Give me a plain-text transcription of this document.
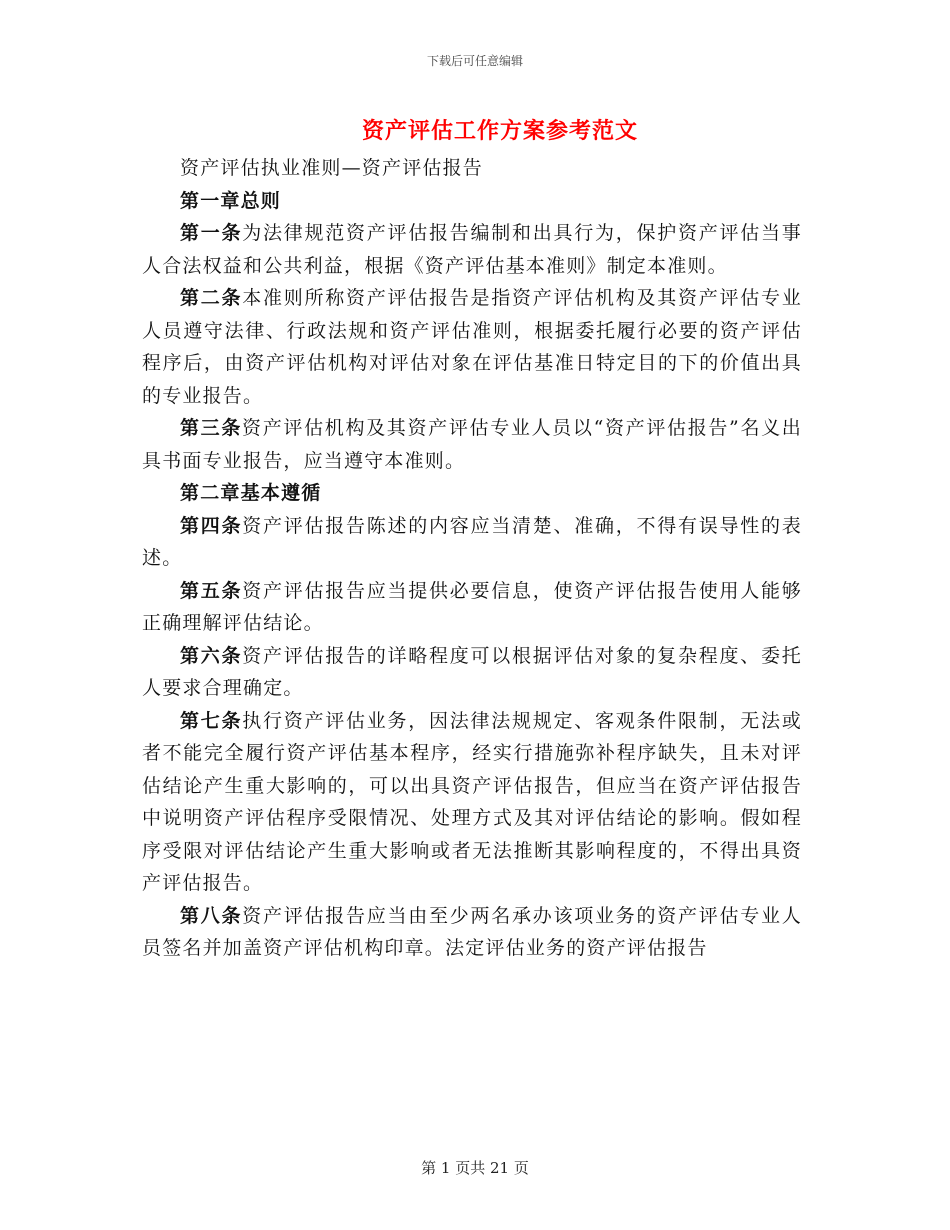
下载后可任意编辑
资产评估工作方案参考范文

资产评估执业准则—资产评估报告

第一章总则

第一条为法律规范资产评估报告编制和出具行为，保护资产评估当事人合法权益和公共利益，根据《资产评估基本准则》制定本准则。

第二条本准则所称资产评估报告是指资产评估机构及其资产评估专业人员遵守法律、行政法规和资产评估准则，根据委托履行必要的资产评估程序后，由资产评估机构对评估对象在评估基准日特定目的下的价值出具的专业报告。

第三条资产评估机构及其资产评估专业人员以“资产评估报告”名义出具书面专业报告，应当遵守本准则。

第二章基本遵循

第四条资产评估报告陈述的内容应当清楚、准确，不得有误导性的表述。

第五条资产评估报告应当提供必要信息，使资产评估报告使用人能够正确理解评估结论。

第六条资产评估报告的详略程度可以根据评估对象的复杂程度、委托人要求合理确定。

第七条执行资产评估业务，因法律法规规定、客观条件限制，无法或者不能完全履行资产评估基本程序，经实行措施弥补程序缺失，且未对评估结论产生重大影响的，可以出具资产评估报告，但应当在资产评估报告中说明资产评估程序受限情况、处理方式及其对评估结论的影响。假如程序受限对评估结论产生重大影响或者无法推断其影响程度的，不得出具资产评估报告。

第八条资产评估报告应当由至少两名承办该项业务的资产评估专业人员签名并加盖资产评估机构印章。法定评估业务的资产评估报告

第 1 页共 21 页
